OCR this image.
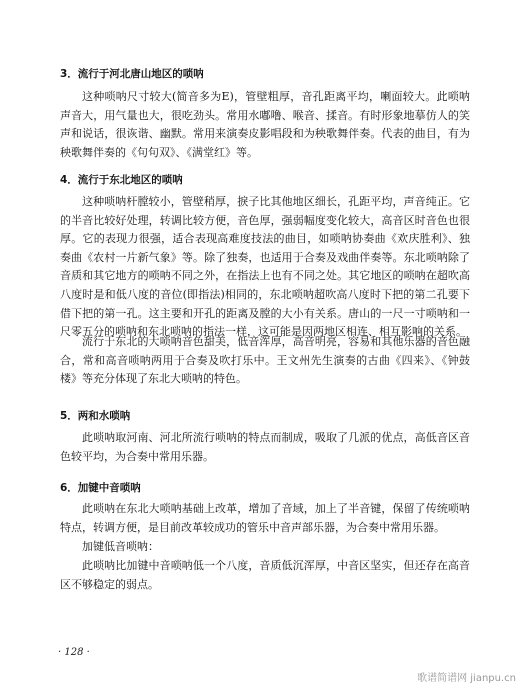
3．流行于河北唐山地区的唢呐

这种唢呐尺寸较大(简音多为E)，管壁粗厚，音孔距离平均，喇面较大。此唢呐声音大，用气量也大，很吃劲头。常用水嘟噜、喉音、揉音。有时形象地摹仿人的笑声和说话，很诙谐、幽默。常用来演奏皮影唱段和为秧歌舞伴奏。代表的曲目，有为秧歌舞伴奏的《句句双》、《满堂红》等。

4．流行于东北地区的唢呐

这种唢呐杆膛较小，管壁稍厚，捩子比其他地区细长，孔距平均，声音纯正。它的半音比较好处理，转调比较方便，音色厚，强弱幅度变化较大，高音区时音色也很厚。它的表现力很强，适合表现高难度技法的曲目，如唢呐协奏曲《欢庆胜利》、独奏曲《农村一片新气象》等。除了独奏，也适用于合奏及戏曲伴奏等。东北唢呐除了音质和其它地方的唢呐不同之外，在指法上也有不同之处。其它地区的唢呐在超吹高八度时是和低八度的音位(即指法)相同的，东北唢呐超吹高八度时下把的第二孔要下借下把的第一孔。这主要和开孔的距离及膛的大小有关系。唐山的一尺一寸唢呐和一尺零五分的唢呐和东北唢呐的指法一样，这可能是因两地区相连、相互影响的关系。

流行于东北的大唢呐音色甜美，低音浑厚，高音明亮，容易和其他乐器的音色融合，常和高音唢呐两用于合奏及吹打乐中。王文州先生演奏的古曲《四来》、《钟鼓楼》等充分体现了东北大唢呐的特色。

5．两和水唢呐

此唢呐取河南、河北所流行唢呐的特点而制成，吸取了几派的优点，高低音区音色较平均，为合奏中常用乐器。

6．加键中音唢呐

此唢呐在东北大唢呐基础上改革，增加了音域，加上了半音键，保留了传统唢呐特点，转调方便，是目前改革较成功的管乐中音声部乐器，为合奏中常用乐器。

加键低音唢呐：

此唢呐比加键中音唢呐低一个八度，音质低沉浑厚，中音区坚实，但还存在高音区不够稳定的弱点。

· 128 ·
歌谱简谱网 jianpu.cn
